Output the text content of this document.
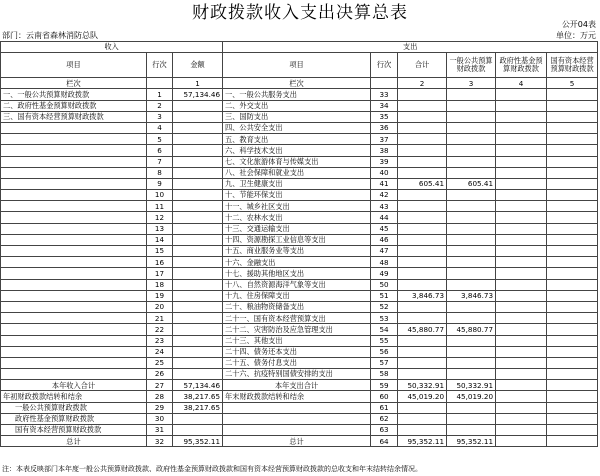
财政拨款收入支出决算总表
公开04表
部门：云南省森林消防总队	单位：万元
收入			支出					
项目	行次	金额	项目	行次	合计	一般公共预算财政拨款	政府性基金预算财政拨款	国有资本经营预算财政拨款
栏次		1	栏次		2	3	4	5
一、一般公共预算财政拨款	1	57,134.46	一、一般公共服务支出	33				
二、政府性基金预算财政拨款	2		二、外交支出	34				
三、国有资本经营预算财政拨款	3		三、国防支出	35				
	4		四、公共安全支出	36				
	5		五、教育支出	37				
	6		六、科学技术支出	38				
	7		七、文化旅游体育与传媒支出	39				
	8		八、社会保障和就业支出	40				
	9		九、卫生健康支出	41	605.41	605.41		
	10		十、节能环保支出	42				
	11		十一、城乡社区支出	43				
	12		十二、农林水支出	44				
	13		十三、交通运输支出	45				
	14		十四、资源勘探工业信息等支出	46				
	15		十五、商业服务业等支出	47				
	16		十六、金融支出	48				
	17		十七、援助其他地区支出	49				
	18		十八、自然资源海洋气象等支出	50				
	19		十九、住房保障支出	51	3,846.73	3,846.73		
	20		二十、粮油物资储备支出	52				
	21		二十一、国有资本经营预算支出	53				
	22		二十二、灾害防治及应急管理支出	54	45,880.77	45,880.77		
	23		二十三、其他支出	55				
	24		二十四、债务还本支出	56				
	25		二十五、债务付息支出	57				
	26		二十六、抗疫特别国债安排的支出	58				
本年收入合计	27	57,134.46	本年支出合计	59	50,332.91	50,332.91		
年初财政拨款结转和结余	28	38,217.65	年末财政拨款结转和结余	60	45,019.20	45,019.20		
一般公共预算财政拨款	29	38,217.65		61				
政府性基金预算财政拨款	30			62				
国有资本经营预算财政拨款	31			63				
总计	32	95,352.11	总计	64	95,352.11	95,352.11		
注：本表反映部门本年度一般公共预算财政拨款、政府性基金预算财政拨款和国有资本经营预算财政拨款的总收支和年末结转结余情况。
